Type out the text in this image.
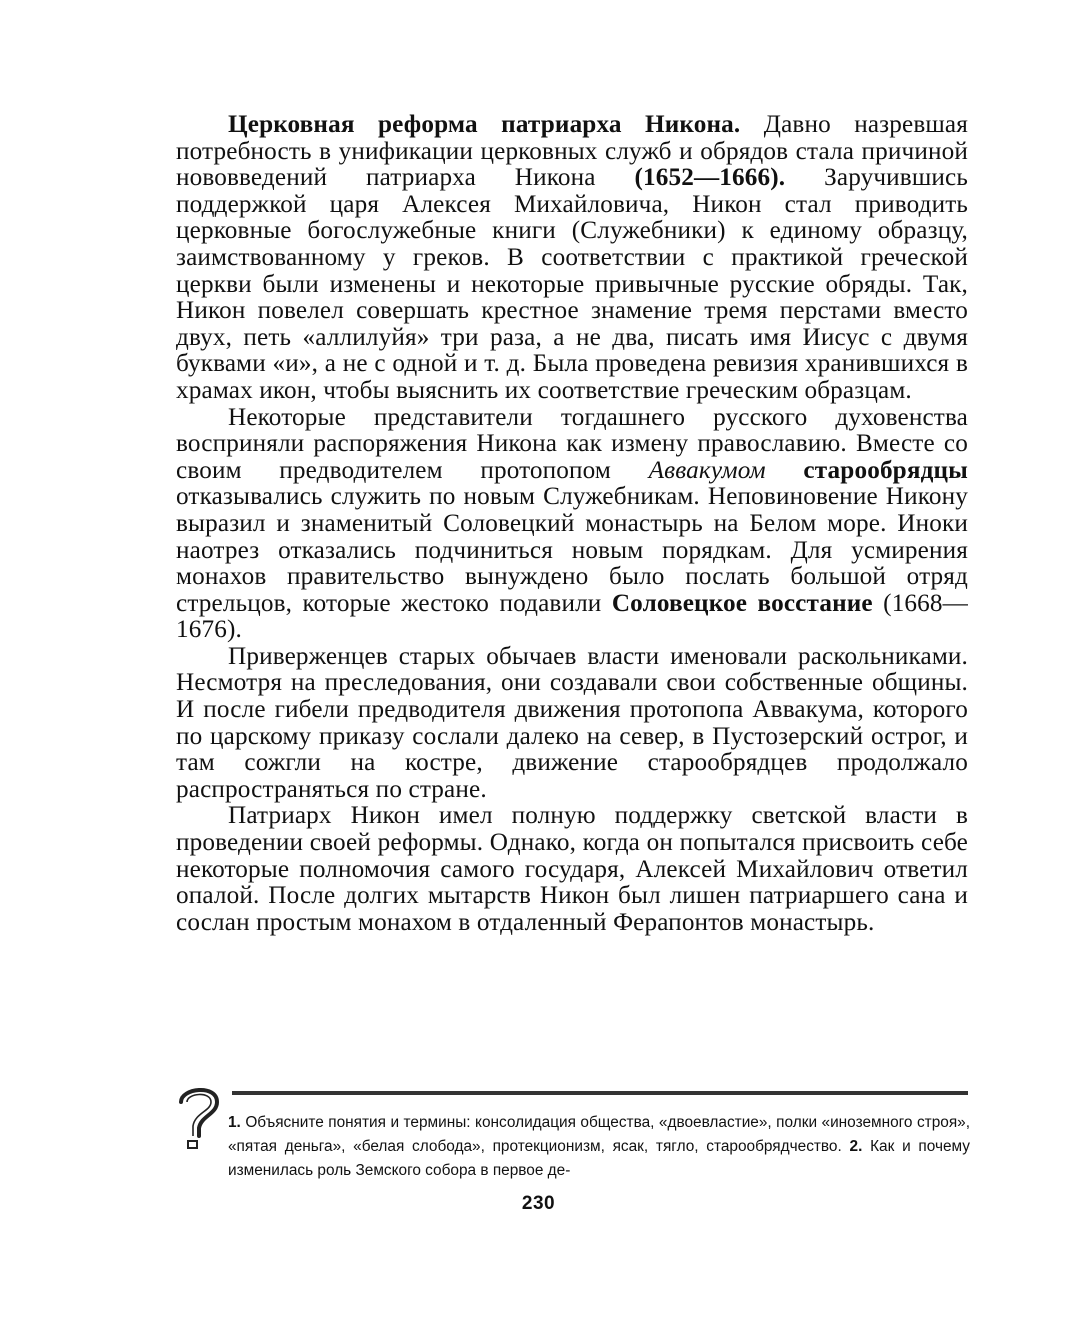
Церковная реформа патриарха Никона. Давно назревшая потребность в унификации церковных служб и обрядов стала причиной нововведений патриарха Никона (1652—1666). Заручившись поддержкой царя Алексея Михайловича, Никон стал приводить церковные богослужебные книги (Служебники) к единому образцу, заимствованному у греков. В соответствии с практикой греческой церкви были изменены и некоторые привычные русские обряды. Так, Никон повелел совершать крестное знамение тремя перстами вместо двух, петь «аллилуйя» три раза, а не два, писать имя Иисус с двумя буквами «и», а не с одной и т. д. Была проведена ревизия хранившихся в храмах икон, чтобы выяснить их соответствие греческим образцам.

Некоторые представители тогдашнего русского духовенства восприняли распоряжения Никона как измену православию. Вместе со своим предводителем протопопом Аввакумом старообрядцы отказывались служить по новым Служебникам. Неповиновение Никону выразил и знаменитый Соловецкий монастырь на Белом море. Иноки наотрез отказались подчиниться новым порядкам. Для усмирения монахов правительство вынуждено было послать большой отряд стрельцов, которые жестоко подавили Соловецкое восстание (1668—1676).

Приверженцев старых обычаев власти именовали раскольниками. Несмотря на преследования, они создавали свои собственные общины. И после гибели предводителя движения протопопа Аввакума, которого по царскому приказу сослали далеко на север, в Пустозерский острог, и там сожгли на костре, движение старообрядцев продолжало распространяться по стране.

Патриарх Никон имел полную поддержку светской власти в проведении своей реформы. Однако, когда он попытался присвоить себе некоторые полномочия самого государя, Алексей Михайлович ответил опалой. После долгих мытарств Никон был лишен патриаршего сана и сослан простым монахом в отдаленный Ферапонтов монастырь.

1. Объясните понятия и термины: консолидация общества, «двоевластие», полки «иноземного строя», «пятая деньга», «белая слобода», протекционизм, ясак, тягло, старообрядчество. 2. Как и почему изменилась роль Земского собора в первое де-
230
